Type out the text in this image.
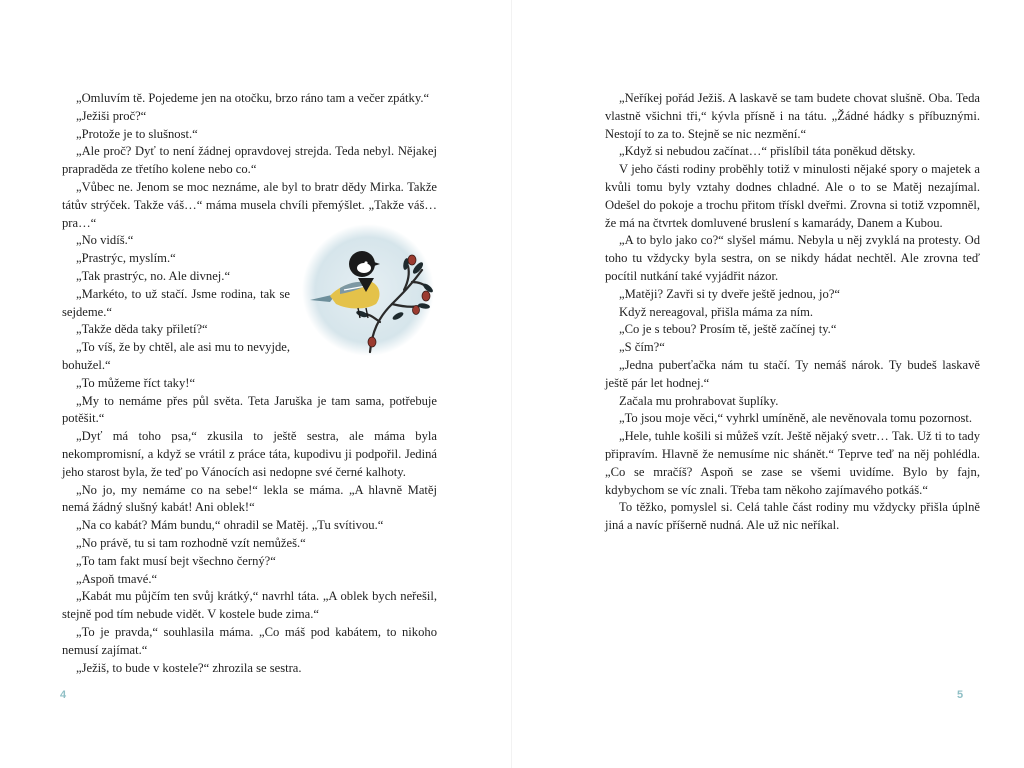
„Omluvím tě. Pojedeme jen na otočku, brzo ráno tam a večer zpátky.“

„Ježiši proč?“

„Protože je to slušnost.“

„Ale proč? Dyť to není žádnej opravdovej strejda. Teda nebyl. Nějakej prapraděda ze třetího kolene nebo co.“

„Vůbec ne. Jenom se moc neznáme, ale byl to bratr dědy Mirka. Takže tátův strýček. Takže váš…“ máma musela chvíli přemýšlet. „Takže váš… pra…“

„No vidíš.“

„Prastrýc, myslím.“

„Tak prastrýc, no. Ale divnej.“

„Markéto, to už stačí. Jsme rodina, tak se sejdeme.“

„Takže děda taky přiletí?“

„To víš, že by chtěl, ale asi mu to nevyjde, bohužel.“

„To můžeme říct taky!“

„My to nemáme přes půl světa. Teta Jaruška je tam sama, potřebuje potěšit.“

„Dyť má toho psa,“ zkusila to ještě sestra, ale máma byla nekompromisní, a když se vrátil z práce táta, kupodivu ji podpořil. Jediná jeho starost byla, že teď po Vánocích asi nedopne své černé kalhoty.

„No jo, my nemáme co na sebe!“ lekla se máma. „A hlavně Matěj nemá žádný slušný kabát! Ani oblek!“

„Na co kabát? Mám bundu,“ ohradil se Matěj. „Tu svítivou.“

„No právě, tu si tam rozhodně vzít nemůžeš.“

„To tam fakt musí bejt všechno černý?“

„Aspoň tmavé.“

„Kabát mu půjčím ten svůj krátký,“ navrhl táta. „A oblek bych neřešil, stejně pod tím nebude vidět. V kostele bude zima.“

„To je pravda,“ souhlasila máma. „Co máš pod kabátem, to nikoho nemusí zajímat.“

„Ježiš, to bude v kostele?“ zhrozila se sestra.

4

„Neříkej pořád Ježiš. A laskavě se tam budete chovat slušně. Oba. Teda vlastně všichni tři,“ kývla přísně i na tátu. „Žádné hádky s příbuznými. Nestojí to za to. Stejně se nic nezmění.“

„Když si nebudou začínat…“ přislíbil táta poněkud dětsky.

V jeho části rodiny proběhly totiž v minulosti nějaké spory o majetek a kvůli tomu byly vztahy dodnes chladné. Ale o to se Matěj nezajímal. Odešel do pokoje a trochu přitom třískl dveřmi. Zrovna si totiž vzpomněl, že má na čtvrtek domluvené bruslení s kamarády, Danem a Kubou.

„A to bylo jako co?“ slyšel mámu. Nebyla u něj zvyklá na protesty. Od toho tu vždycky byla sestra, on se nikdy hádat nechtěl. Ale zrovna teď pocítil nutkání také vyjádřit názor.

„Matěji? Zavři si ty dveře ještě jednou, jo?“

Když nereagoval, přišla máma za ním.

„Co je s tebou? Prosím tě, ještě začínej ty.“

„S čím?“

„Jedna puberťačka nám tu stačí. Ty nemáš nárok. Ty budeš laskavě ještě pár let hodnej.“

Začala mu prohrabovat šuplíky.

„To jsou moje věci,“ vyhrkl umíněně, ale nevěnovala tomu pozornost.

„Hele, tuhle košili si můžeš vzít. Ještě nějaký svetr… Tak. Už ti to tady připravím. Hlavně že nemusíme nic shánět.“ Teprve teď na něj pohlédla. „Co se mračíš? Aspoň se zase se všemi uvidíme. Bylo by fajn, kdybychom se víc znali. Třeba tam někoho zajímavého potkáš.“

To těžko, pomyslel si. Celá tahle část rodiny mu vždycky přišla úplně jiná a navíc příšerně nudná. Ale už nic neříkal.

5
